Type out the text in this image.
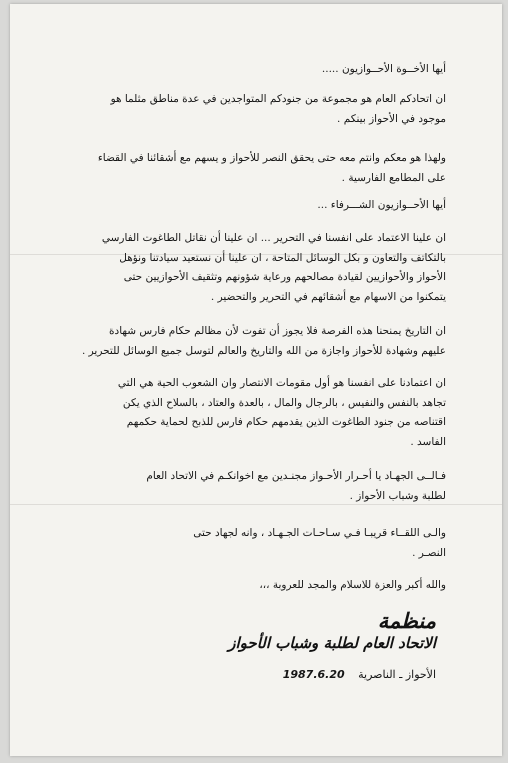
أيها الأخــوة الأحــوازيون .....

ان اتحادكم العام هو مجموعة من جنودكم المتواجدين في عدة مناطق مثلما هو
موجود في الأحواز بينكم .

ولهذا هو معكم وانتم معه حتى يحقق النصر للأحواز و يسهم مع أشقائنا في القضاء
على المطامع الفارسية .

أيها الأحــوازيون الشـــرفاء ...

ان علينا الاعتماد على انفسنا في التحرير ... ان علينا أن نقاتل الطاغوت الفارسي
بالتكاتف والتعاون و بكل الوسائل المتاحة ، ان علينا أن نستعيد سيادتنا ونؤهل
الأحواز والأحوازيين لقيادة مصالحهم ورعاية شؤونهم وتثقيف الأحوازيين حتى
يتمكنوا من الاسهام مع أشقائهم في التحرير والتحضير .

ان التاريخ يمنحنا هذه الفرصة فلا يجوز أن تفوت لأن مظالم حكام فارس شهادة
عليهم وشهادة للأحواز واجازة من الله والتاريخ والعالم لتوسل جميع الوسائل للتحرير .

ان اعتمادنا على انفسنا هو أول مقومات الانتصار وان الشعوب الحية هي التي
تجاهد بالنفس والنفيس ، بالرجال والمال ، بالعدة والعتاد ، بالسلاح الذي يكن
اقتناصه من جنود الطاغوت الذين يقدمهم حكام فارس للذبح لحماية حكمهم
الفاسد .

فـالــى الجهـاد يا أحـرار الأحـواز مجنـدين مع اخوانكـم في الاتحاد العام
لطلبة وشباب الأحواز .

والـى اللقــاء قريبـا فـي سـاحـات الجـهـاد ، وانه لجهاد حتى
النصـر .

والله أكبر والعزة للاسلام والمجد للعروبة ،،،

منظمة
الاتحاد العام لطلبة وشباب الأحواز
الأحواز ـ الناصرية 1987.6.20
